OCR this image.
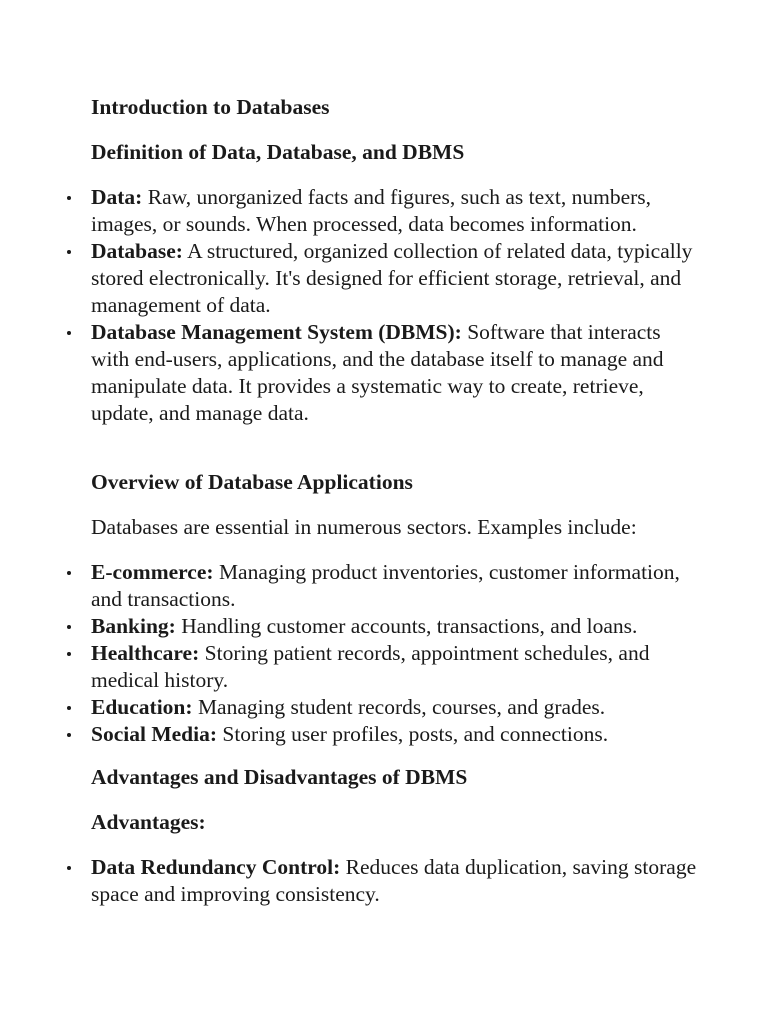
Introduction to Databases

Definition of Data, Database, and DBMS

Data: Raw, unorganized facts and figures, such as text, numbers, images, or sounds. When processed, data becomes information.
Database: A structured, organized collection of related data, typically stored electronically. It's designed for efficient storage, retrieval, and management of data.
Database Management System (DBMS): Software that interacts with end-users, applications, and the database itself to manage and manipulate data. It provides a systematic way to create, retrieve, update, and manage data.

Overview of Database Applications

Databases are essential in numerous sectors. Examples include:

E-commerce: Managing product inventories, customer information, and transactions.
Banking: Handling customer accounts, transactions, and loans.
Healthcare: Storing patient records, appointment schedules, and medical history.
Education: Managing student records, courses, and grades.
Social Media: Storing user profiles, posts, and connections.

Advantages and Disadvantages of DBMS

Advantages:

Data Redundancy Control: Reduces data duplication, saving storage space and improving consistency.
